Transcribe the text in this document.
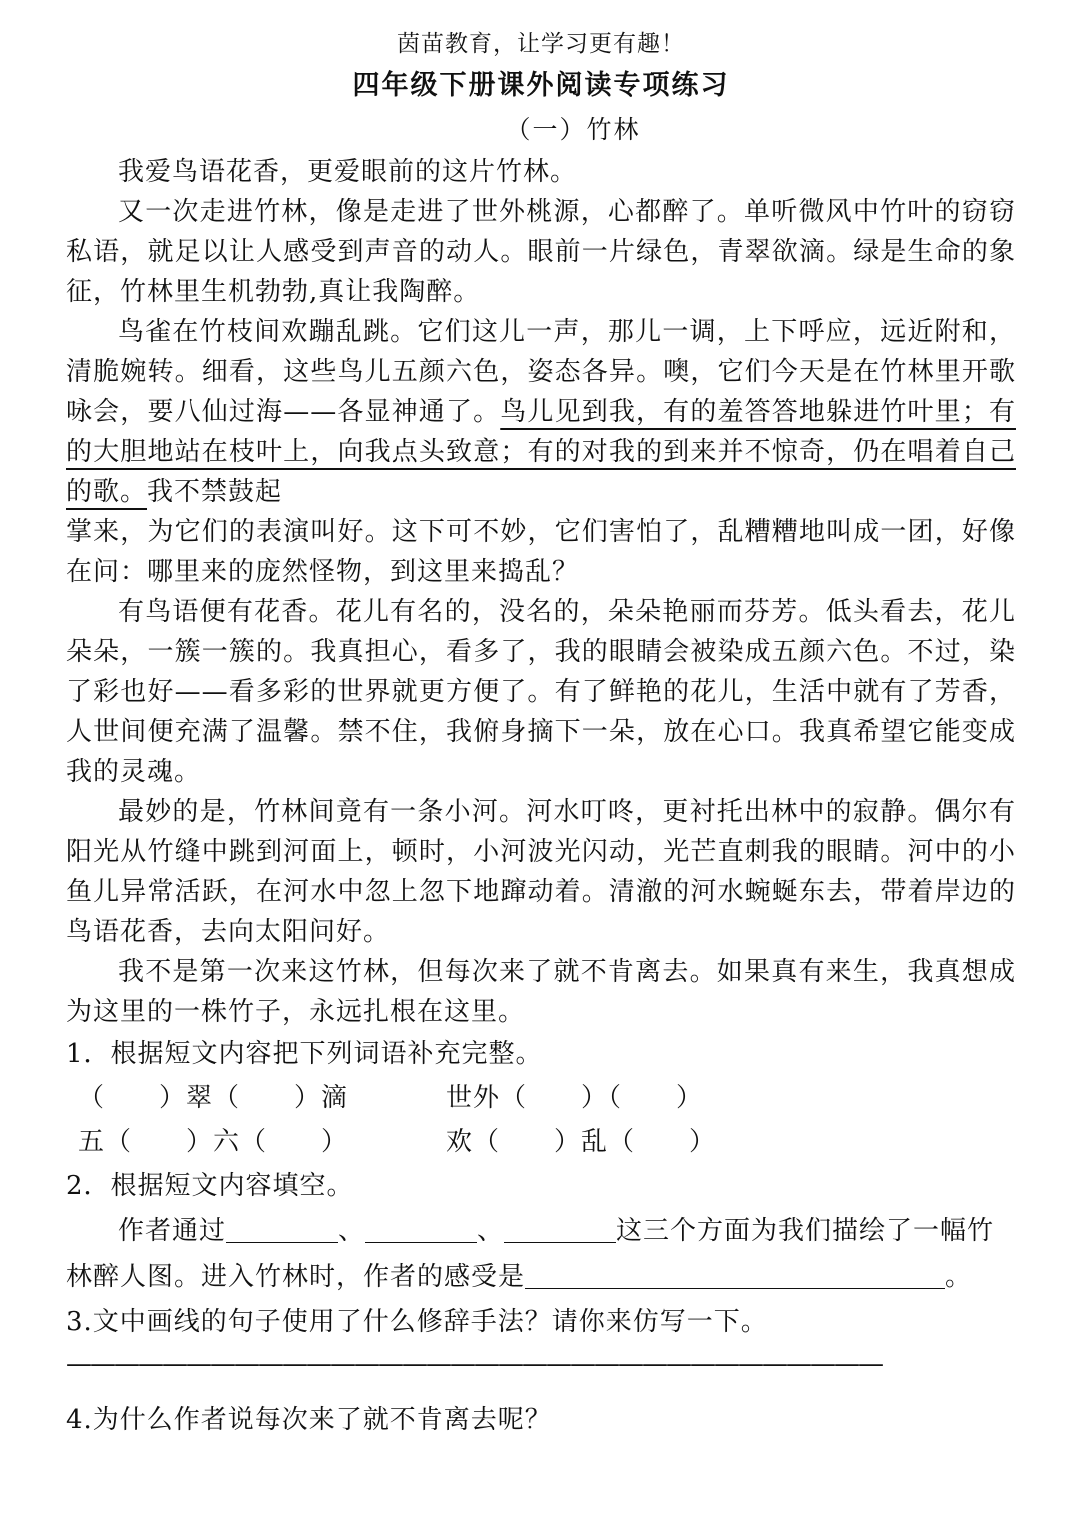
茵苗教育，让学习更有趣！
四年级下册课外阅读专项练习
（一）竹林

我爱鸟语花香，更爱眼前的这片竹林。

又一次走进竹林，像是走进了世外桃源，心都醉了。单听微风中竹叶的窃窃私语，就足以让人感受到声音的动人。眼前一片绿色，青翠欲滴。绿是生命的象征，竹林里生机勃勃,真让我陶醉。

鸟雀在竹枝间欢蹦乱跳。它们这儿一声，那儿一调，上下呼应，远近附和，清脆婉转。细看，这些鸟儿五颜六色，姿态各异。噢，它们今天是在竹林里开歌咏会，要八仙过海——各显神通了。鸟儿见到我，有的羞答答地躲进竹叶里；有的大胆地站在枝叶上，向我点头致意；有的对我的到来并不惊奇，仍在唱着自己的歌。我不禁鼓起

掌来，为它们的表演叫好。这下可不妙，它们害怕了，乱糟糟地叫成一团，好像在问：哪里来的庞然怪物，到这里来捣乱？

有鸟语便有花香。花儿有名的，没名的，朵朵艳丽而芬芳。低头看去，花儿朵朵，一簇一簇的。我真担心，看多了，我的眼睛会被染成五颜六色。不过，染了彩也好——看多彩的世界就更方便了。有了鲜艳的花儿，生活中就有了芳香，人世间便充满了温馨。禁不住，我俯身摘下一朵，放在心口。我真希望它能变成我的灵魂。

最妙的是，竹林间竟有一条小河。河水叮咚，更衬托出林中的寂静。偶尔有阳光从竹缝中跳到河面上，顿时，小河波光闪动，光芒直刺我的眼睛。河中的小鱼儿异常活跃，在河水中忽上忽下地蹿动着。清澈的河水蜿蜒东去，带着岸边的鸟语花香，去向太阳问好。

我不是第一次来这竹林，但每次来了就不肯离去。如果真有来生，我真想成为这里的一株竹子，永远扎根在这里。

1．根据短文内容把下列词语补充完整。
（　　）翠（　　）滴	世外（　　）（　　）
五（　　）六（　　）	欢（　　）乱（　　）
2．根据短文内容填空。

作者通过	、	、	这三个方面为我们描绘了一幅竹林醉人图。进入竹林时，作者的感受是	。

3.文中画线的句子使用了什么修辞手法？请你来仿写一下。
——————————————————————————————————
4.为什么作者说每次来了就不肯离去呢？
